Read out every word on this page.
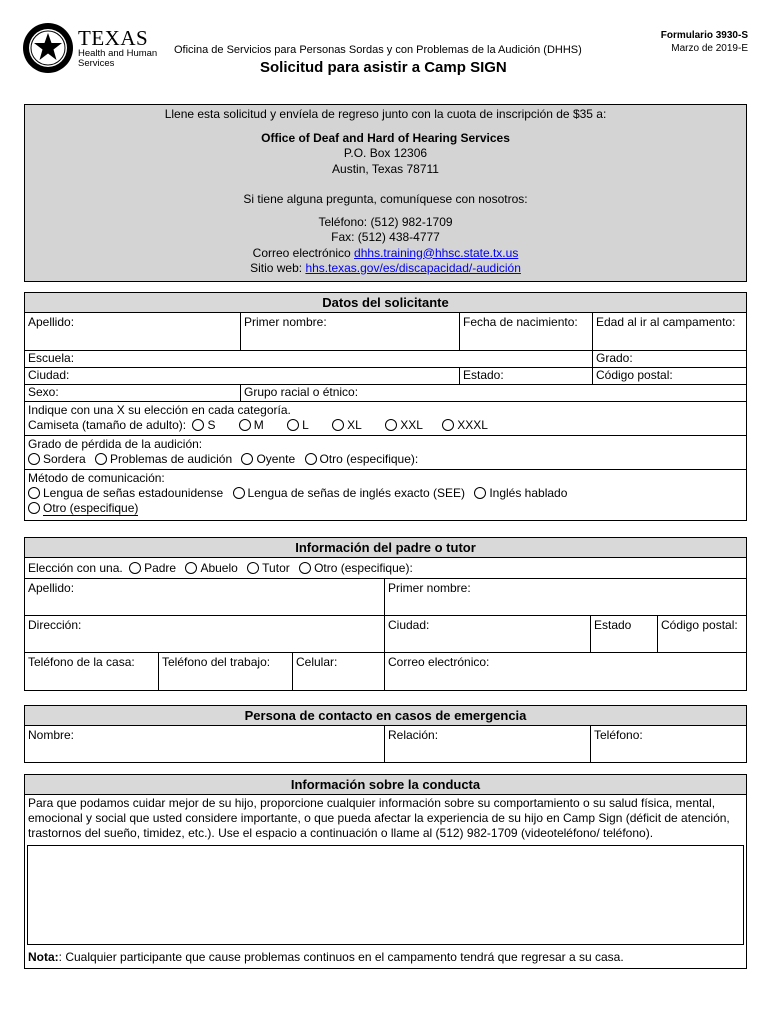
TEXAS
Health and Human
Services
Oficina de Servicios para Personas Sordas y con Problemas de la Audición (DHHS)
Solicitud para asistir a Camp SIGN
Formulario 3930-S
Marzo de 2019-E
Llene esta solicitud y envíela de regreso junto con la cuota de inscripción de $35 a:
Office of Deaf and Hard of Hearing Services
P.O. Box 12306
Austin, Texas 78711
Si tiene alguna pregunta, comuníquese con nosotros:
Teléfono: (512) 982-1709
Fax: (512) 438-4777
Correo electrónico dhhs.training@hhsc.state.tx.us
Sitio web: hhs.texas.gov/es/discapacidad/-audición
Datos del solicitante
Apellido:	Primer nombre:	Fecha de nacimiento:	Edad al ir al campamento:
Escuela:	Grado:
Ciudad:	Estado:	Código postal:
Sexo:	Grupo racial o étnico:
Indique con una X su elección en cada categoría.
Camiseta (tamaño de adulto): S	M	L	XL	XXL	XXXL
Grado de pérdida de la audición:
Sordera Problemas de audición Oyente Otro (especifique):
Método de comunicación:
Lengua de señas estadounidense Lengua de señas de inglés exacto (SEE) Inglés hablado
Otro (especifique)
Información del padre o tutor
Elección con una. Padre Abuelo Tutor Otro (especifique):
Apellido:	Primer nombre:
Dirección:	Ciudad:	Estado	Código postal:
Teléfono de la casa:	Teléfono del trabajo:	Celular:	Correo electrónico:
Persona de contacto en casos de emergencia
Nombre:	Relación:	Teléfono:
Información sobre la conducta
Para que podamos cuidar mejor de su hijo, proporcione cualquier información sobre su comportamiento o su salud física, mental, emocional y social que usted considere importante, o que pueda afectar la experiencia de su hijo en Camp Sign (déficit de atención, trastornos del sueño, timidez, etc.). Use el espacio a continuación o llame al (512) 982-1709 (videoteléfono/ teléfono).
Nota:: Cualquier participante que cause problemas continuos en el campamento tendrá que regresar a su casa.
